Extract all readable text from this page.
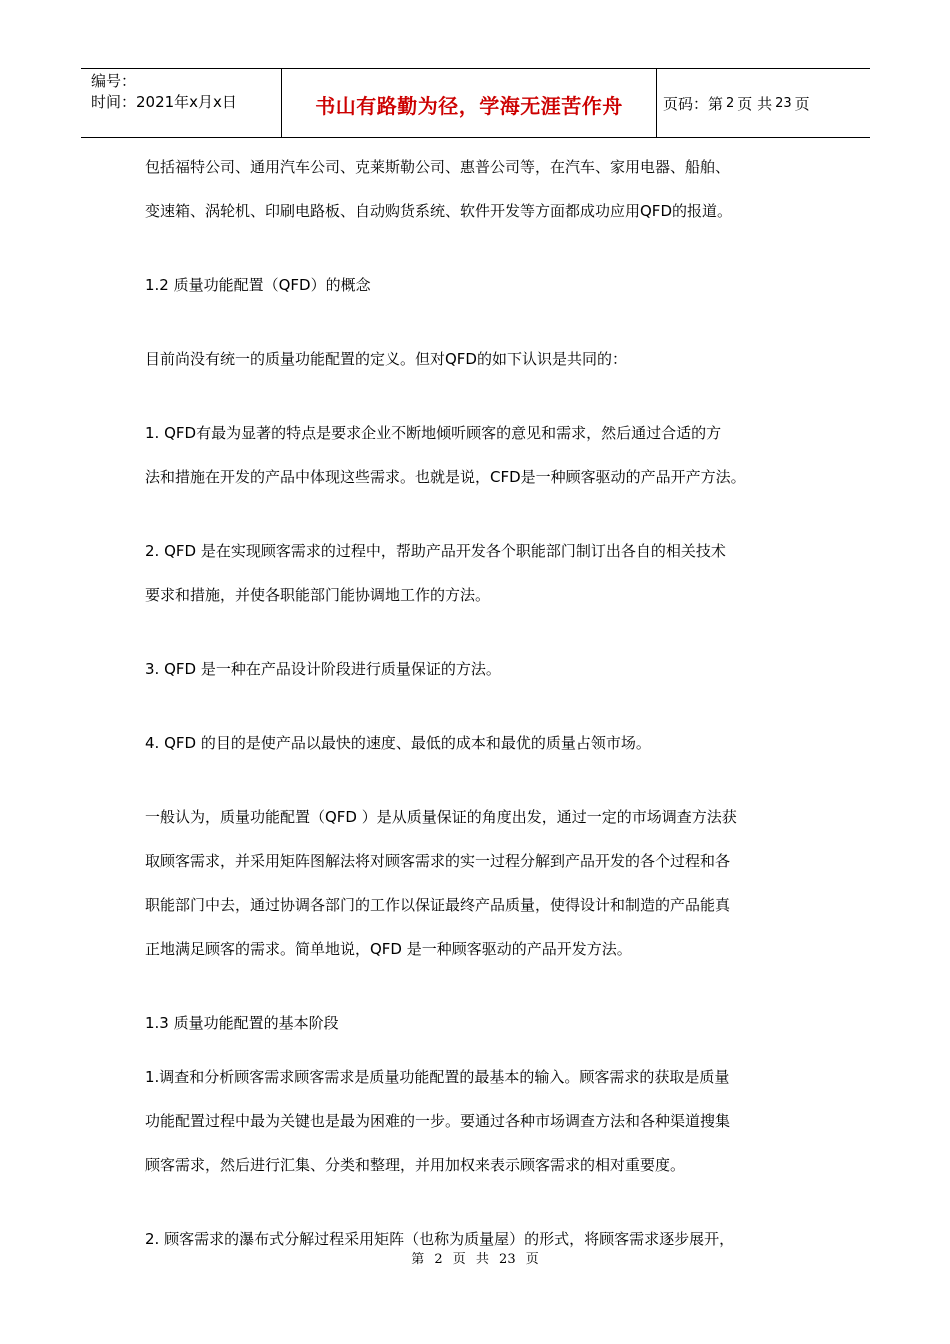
编号：
时间：2021年x月x日	书山有路勤为径，学海无涯苦作舟	页码：第 2 页 共 23 页
包括福特公司、通用汽车公司、克莱斯勒公司、惠普公司等，在汽车、家用电器、船舶、
变速箱、涡轮机、印刷电路板、自动购货系统、软件开发等方面都成功应用QFD的报道。
1.2 质量功能配置（QFD）的概念
目前尚没有统一的质量功能配置的定义。但对QFD的如下认识是共同的：
1. QFD有最为显著的特点是要求企业不断地倾听顾客的意见和需求，然后通过合适的方
法和措施在开发的产品中体现这些需求。也就是说，CFD是一种顾客驱动的产品开产方法。
2. QFD 是在实现顾客需求的过程中，帮助产品开发各个职能部门制订出各自的相关技术
要求和措施，并使各职能部门能协调地工作的方法。
3. QFD 是一种在产品设计阶段进行质量保证的方法。
4. QFD 的目的是使产品以最快的速度、最低的成本和最优的质量占领市场。
一般认为，质量功能配置（QFD ）是从质量保证的角度出发，通过一定的市场调查方法获
取顾客需求，并采用矩阵图解法将对顾客需求的实一过程分解到产品开发的各个过程和各
职能部门中去，通过协调各部门的工作以保证最终产品质量，使得设计和制造的产品能真
正地满足顾客的需求。简单地说，QFD 是一种顾客驱动的产品开发方法。
1.3 质量功能配置的基本阶段
1.调查和分析顾客需求顾客需求是质量功能配置的最基本的输入。顾客需求的获取是质量
功能配置过程中最为关键也是最为困难的一步。要通过各种市场调查方法和各种渠道搜集
顾客需求，然后进行汇集、分类和整理，并用加权来表示顾客需求的相对重要度。
2. 顾客需求的瀑布式分解过程采用矩阵（也称为质量屋）的形式，将顾客需求逐步展开，
第 2 页 共 23 页
